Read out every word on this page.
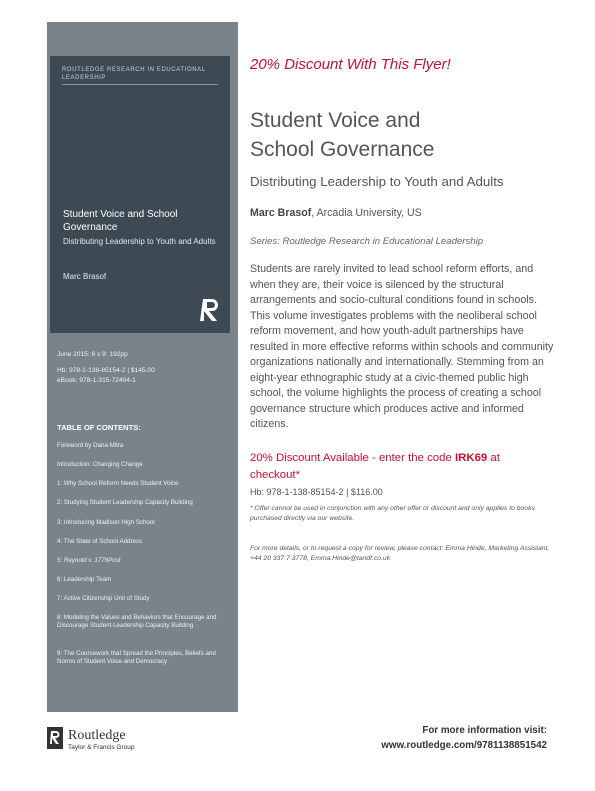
ROUTLEDGE RESEARCH IN EDUCATIONAL LEADERSHIP
Student Voice and School Governance
Distributing Leadership to Youth and Adults
Marc Brasof
June 2015: 6 x 9: 192pp
Hb: 978-1-138-85154-2 | $145.00
eBook: 978-1-315-72404-1
TABLE OF CONTENTS:
Foreword by Dana Mitra
Introduction: Changing Change
1: Why School Reform Needs Student Voice
2: Studying Student Leadership Capacity Building
3: Introducing Madison High School
4: The State of School Address
5: Reynold v. 1776Post
6: Leadership Team
7: Active Citizenship Unit of Study
8: Modeling the Values and Behaviors that Encourage and Discourage Student Leadership Capacity Building
9: The Coursework that Spread the Principles, Beliefs and Norms of Student Voice and Democracy
20% Discount With This Flyer!
Student Voice and
School Governance
Distributing Leadership to Youth and Adults
Marc Brasof, Arcadia University, US
Series: Routledge Research in Educational Leadership
Students are rarely invited to lead school reform efforts, and when they are, their voice is silenced by the structural arrangements and socio-cultural conditions found in schools. This volume investigates problems with the neoliberal school reform movement, and how youth-adult partnerships have resulted in more effective reforms within schools and community organizations nationally and internationally. Stemming from an eight-year ethnographic study at a civic-themed public high school, the volume highlights the process of creating a school governance structure which produces active and informed citizens.
20% Discount Available - enter the code IRK69 at checkout*
Hb: 978-1-138-85154-2 | $116.00
* Offer cannot be used in conjunction with any other offer or discount and only applies to books purchased directly via our website.
For more details, or to request a copy for review, please contact: Emma Hinde, Marketing Assistant, +44 20 337 7 3778, Emma.Hinde@tandf.co.uk
Routledge
Taylor & Francis Group
For more information visit:
www.routledge.com/9781138851542
